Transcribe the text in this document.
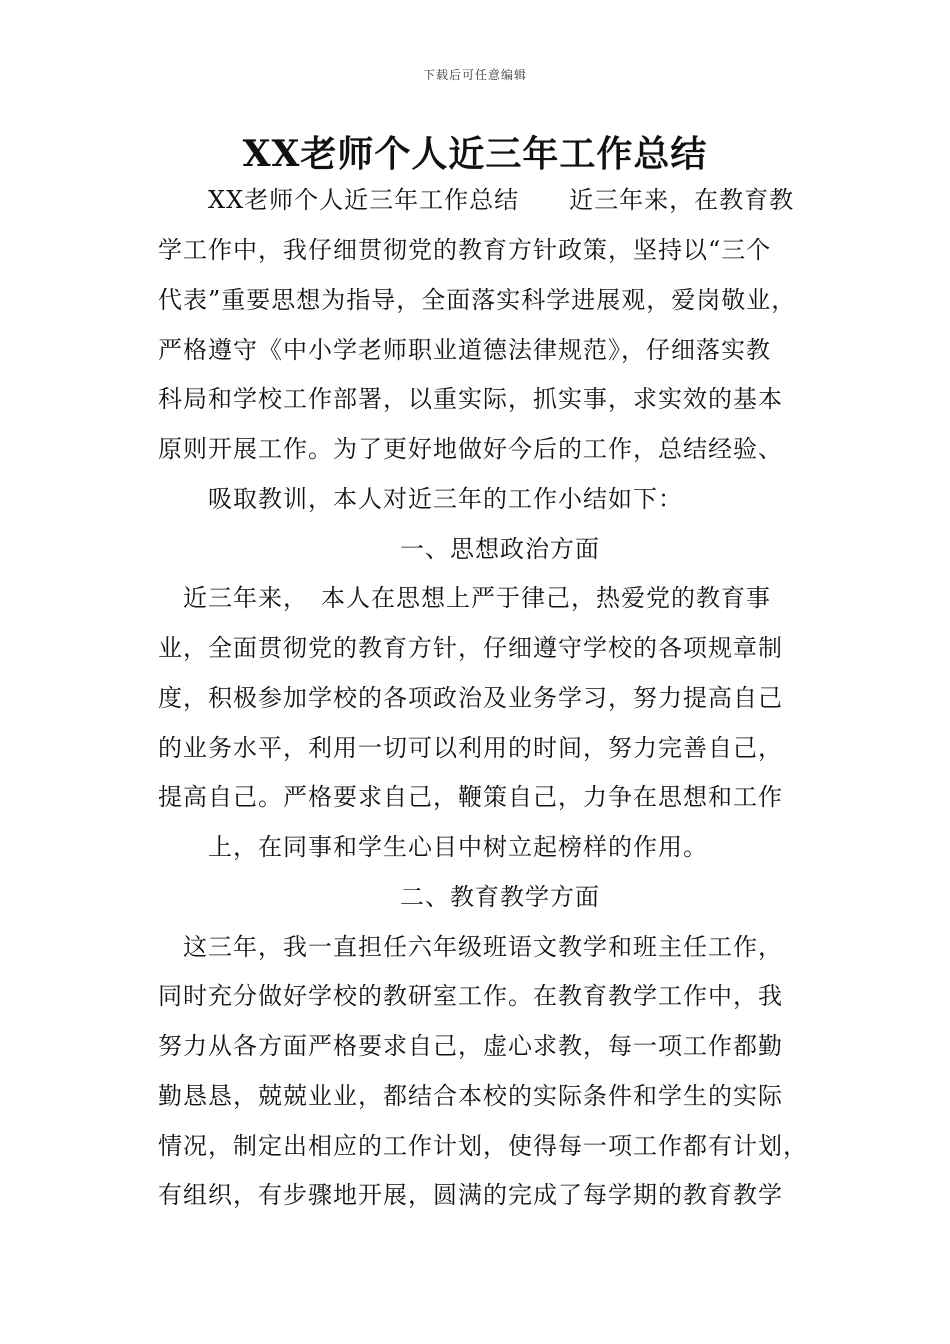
下载后可任意编辑
XX老师个人近三年工作总结
　　XX老师个人近三年工作总结　　近三年来，在教育教
学工作中，我仔细贯彻党的教育方针政策，坚持以“三个
代表”重要思想为指导，全面落实科学进展观，爱岗敬业，
严格遵守《中小学老师职业道德法律规范》，仔细落实教
科局和学校工作部署，以重实际，抓实事，求实效的基本
原则开展工作。为了更好地做好今后的工作，总结经验、
　　吸取教训，本人对近三年的工作小结如下：
一、思想政治方面
　近三年来，　本人在思想上严于律己，热爱党的教育事
业，全面贯彻党的教育方针，仔细遵守学校的各项规章制
度，积极参加学校的各项政治及业务学习，努力提高自己
的业务水平，利用一切可以利用的时间，努力完善自己，
提高自己。严格要求自己，鞭策自己，力争在思想和工作
　　上，在同事和学生心目中树立起榜样的作用。
二、教育教学方面
　这三年，我一直担任六年级班语文教学和班主任工作，
同时充分做好学校的教研室工作。在教育教学工作中，我
努力从各方面严格要求自己，虚心求教，每一项工作都勤
勤恳恳，兢兢业业，都结合本校的实际条件和学生的实际
情况，制定出相应的工作计划，使得每一项工作都有计划，
有组织，有步骤地开展，圆满的完成了每学期的教育教学
